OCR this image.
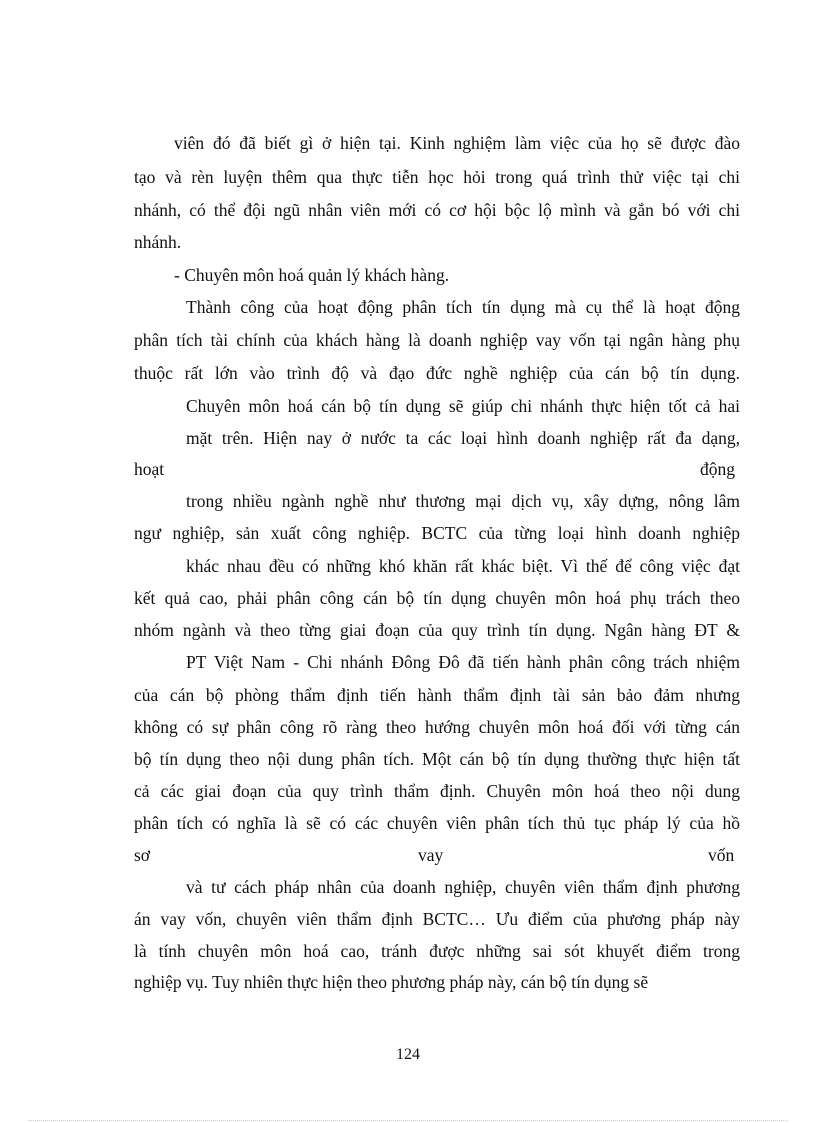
viên đó đã biết gì ở hiện tại. Kinh nghiệm làm việc của họ sẽ được đào
tạo và rèn luyện thêm qua thực tiễn học hỏi trong quá trình thử việc tại chi
nhánh, có thể đội ngũ nhân viên mới có cơ hội bộc lộ mình và gắn bó với chi
nhánh.
- Chuyên môn hoá quản lý khách hàng.
Thành công của hoạt động phân tích tín dụng mà cụ thể là hoạt động
phân tích tài chính của khách hàng là doanh nghiệp vay vốn tại ngân hàng phụ
thuộc rất lớn vào trình độ và đạo đức nghề nghiệp của cán bộ tín dụng.
Chuyên môn hoá cán bộ tín dụng sẽ giúp chi nhánh thực hiện tốt cả hai
mặt trên. Hiện nay ở nước ta các loại hình doanh nghiệp rất đa dạng,
hoạt	động
trong nhiều ngành nghề như thương mại dịch vụ, xây dựng, nông lâm
ngư nghiệp, sản xuất công nghiệp. BCTC của từng loại hình doanh nghiệp
khác nhau đều có những khó khăn rất khác biệt. Vì thế để công việc đạt
kết quả cao, phải phân công cán bộ tín dụng chuyên môn hoá phụ trách theo
nhóm ngành và theo từng giai đoạn của quy trình tín dụng. Ngân hàng ĐT &
PT Việt Nam - Chi nhánh Đông Đô đã tiến hành phân công trách nhiệm
của cán bộ phòng thẩm định tiến hành thẩm định tài sản bảo đảm nhưng
không có sự phân công rõ ràng theo hướng chuyên môn hoá đối với từng cán
bộ tín dụng theo nội dung phân tích. Một cán bộ tín dụng thường thực hiện tất
cả các giai đoạn của quy trình thẩm định. Chuyên môn hoá theo nội dung
phân tích có nghĩa là sẽ có các chuyên viên phân tích thủ tục pháp lý của hồ
sơ	vay	vốn
và tư cách pháp nhân của doanh nghiệp, chuyên viên thẩm định phương
án vay vốn, chuyên viên thẩm định BCTC… Ưu điểm của phương pháp này
là tính chuyên môn hoá cao, tránh được những sai sót khuyết điểm trong
nghiệp vụ. Tuy nhiên thực hiện theo phương pháp này, cán bộ tín dụng sẽ
124
